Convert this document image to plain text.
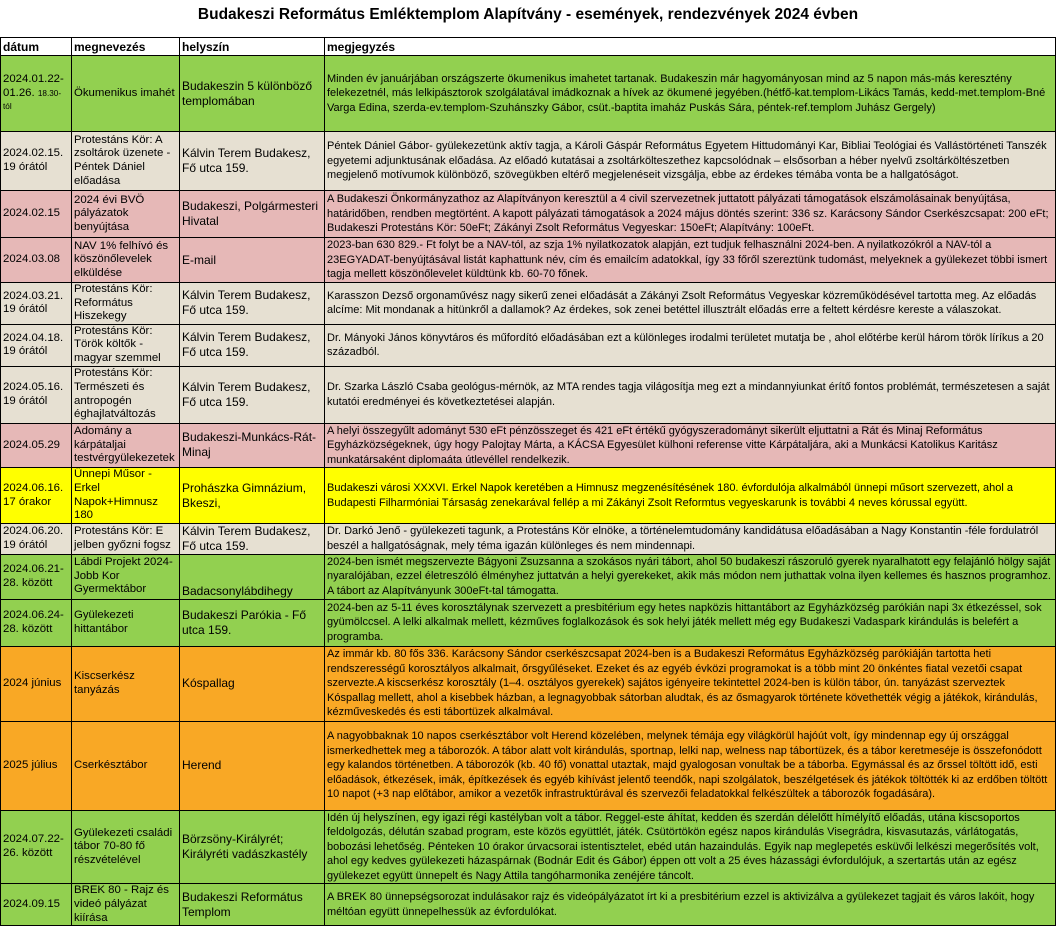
Budakeszi Református Emléktemplom Alapítvány - események, rendezvények 2024 évben
dátum	megnevezés	helyszín	megjegyzés
2024.01.22-01.26. 18.30-tól	Ökumenikus imahét	Budakeszin 5 különböző templomában	Minden év januárjában országszerte ökumenikus imahetet tartanak. Budakeszin már hagyományosan mind az 5 napon más-más keresztény felekezetnél, más lelkipásztorok szolgálatával imádkoznak a hívek az ökumené jegyében.(hétfő-kat.templom-Likács Tamás, kedd-met.templom-Bné Varga Edina, szerda-ev.templom-Szuhánszky Gábor, csüt.-baptita imaház Puskás Sára, péntek-ref.templom Juhász Gergely)
2024.02.15. 19 órától	Protestáns Kör: A zsoltárok üzenete - Péntek Dániel előadása	Kálvin Terem Budakesz, Fő utca 159.	Péntek Dániel Gábor- gyülekezetünk aktív tagja, a Károli Gáspár Református Egyetem Hittudományi Kar, Bibliai Teológiai és Vallástörténeti Tanszék egyetemi adjunktusának előadása. Az előadó kutatásai a zsoltárkölteszethez kapcsolódnak – elsősorban a héber nyelvű zsoltárköltészetben megjelenő motívumok különböző, szövegükben eltérő megjelenéseit vizsgálja, ebbe az érdekes témába vonta be a hallgatóságot.
2024.02.15	2024 évi BVÖ pályázatok benyújtása	Budakeszi, Polgármesteri Hivatal	A Budakeszi Önkormányzathoz az Alapítványon keresztül a 4 civil szervezetnek juttatott pályázati támogatások elszámolásainak benyújtása, határidőben, rendben megtörtént. A kapott pályázati támogatások a 2024 május döntés szerint: 336 sz. Karácsony Sándor Cserkészcsapat: 200 eFt; Budakeszi Protestáns Kör: 50eFt; Zákányi Zsolt Református Vegyeskar: 150eFt; Alapítvány: 100eFt.
2024.03.08	NAV 1% felhívó és köszönőlevelek elküldése	E-mail	2023-ban 630 829.- Ft folyt be a NAV-tól, az szja 1% nyilatkozatok alapján, ezt tudjuk felhasználni 2024-ben. A nyilatkozókról a NAV-tól a 23EGYADAT-benyújtásával listát kaphattunk név, cím és emailcím adatokkal, így 33 főről szereztünk tudomást, melyeknek a gyülekezet többi ismert tagja mellett köszönőlevelet küldtünk kb. 60-70 főnek.
2024.03.21. 19 órától	Protestáns Kör: Református Hiszekegy	Kálvin Terem Budakesz, Fő utca 159.	Karasszon Dezső orgonaművész nagy sikerű zenei előadását a Zákányi Zsolt Református Vegyeskar közreműködésével tartotta meg. Az előadás alcíme: Mit mondanak a hitünkről a dallamok? Az érdekes, sok zenei betéttel illusztrált előadás erre a feltett kérdésre kereste a válaszokat.
2024.04.18. 19 órától	Protestáns Kör: Török költők -magyar szemmel	Kálvin Terem Budakesz, Fő utca 159.	Dr. Mányoki János könyvtáros és műfordító előadásában ezt a különleges irodalmi területet mutatja be , ahol előtérbe kerül három török líríkus a 20 századból.
2024.05.16. 19 órától	Protestáns Kör: Természeti és antropogén éghajlatváltozás	Kálvin Terem Budakesz, Fő utca 159.	Dr. Szarka László Csaba geológus-mérnök, az MTA rendes tagja világosítja meg ezt a mindannyiunkat érítő fontos problémát, természetesen a saját kutatói eredményei és következtetései alapján.
2024.05.29	Adomány a kárpátaljai testvérgyülekezetek	Budakeszi-Munkács-Rát-Minaj	A helyi összegyűlt adományt 530 eFt pénzösszeget és 421 eFt értékű gyógyszeradományt sikerült eljuttatni a Rát és Minaj Református Egyházközségeknek, úgy hogy Palojtay Márta, a KÁCSA Egyesület külhoni referense vitte Kárpátaljára, aki a Munkácsi Katolikus Karitász munkatársaként diplomaáta útlevéllel rendelkezik.
2024.06.16. 17 órakor	Ünnepi Műsor -Erkel Napok+Himnusz 180	Prohászka Gimnázium, Bkeszi,	Budakeszi városi XXXVI. Erkel Napok keretében a Himnusz megzenésítésének 180. évfordulója alkalmából ünnepi műsort szervezett, ahol a Budapesti Filharmóniai Társaság zenekarával fellép a mi Zákányi Zsolt Reformtus vegyeskarunk is további 4 neves kórussal együtt.
2024.06.20. 19 órától	Protestáns Kör: E jelben győzni fogsz	Kálvin Terem Budakesz, Fő utca 159.	Dr. Darkó Jenő - gyülekezeti tagunk, a Protestáns Kör elnöke, a történelemtudomány kandidátusa előadásában a Nagy Konstantin -féle fordulatról beszél a hallgatóságnak, mely téma igazán különleges és nem mindennapi.
2024.06.21-28. között	Lábdi Projekt 2024-Jobb Kor Gyermektábor	Badacsonylábdihegy	2024-ben ismét megszervezte Bágyoni Zsuzsanna a szokásos nyári tábort, ahol 50 budakeszi rászoruló gyerek nyaralhatott egy felajánló hölgy saját nyaralójában, ezzel életreszóló élményhez juttatván a helyi gyerekeket, akik más módon nem juthattak volna ilyen kellemes és hasznos programhoz. A tábort az Alapítványunk 300eFt-tal támogatta.
2024.06.24-28. között	Gyülekezeti hittantábor	Budakeszi Parókia - Fő utca 159.	2024-ben az 5-11 éves korosztálynak szervezett a presbitérium egy hetes napközis hittantábort az Egyházközség parókián napi 3x étkezéssel, sok gyümölccsel. A lelki alkalmak mellett, kézműves foglalkozások és sok helyi játék mellett még egy Budakeszi Vadaspark kirándulás is belefért a programba.
2024 június	Kiscserkész tanyázás	Kóspallag	Az immár kb. 80 fős 336. Karácsony Sándor cserkészcsapat 2024-ben is a Budakeszi Református Egyházközség parókiáján tartotta heti rendszerességű korosztályos alkalmait, őrsgyűléseket. Ezeket és az egyéb évközi programokat is a több mint 20 önkéntes fiatal vezetői csapat szervezte.A kiscserkész korosztály (1–4. osztályos gyerekek) sajátos igényeire tekintettel 2024-ben is külön tábor, ún. tanyázást szerveztek Kóspallag mellett, ahol a kisebbek házban, a legnagyobbak sátorban aludtak, és az ősmagyarok története követhették végig a játékok, kirándulás, kézműveskedés és esti tábortüzek alkalmával.
2025 július	Cserkésztábor	Herend	A nagyobbaknak 10 napos cserkésztábor volt Herend közelében, melynek témája egy világkörül hajóút volt, így mindennap egy új országgal ismerkedhettek meg a táborozók. A tábor alatt volt kirándulás, sportnap, lelki nap, welness nap tábortüzek, és a tábor keretmeséje is összefonódott egy kalandos történetben. A táborozók (kb. 40 fő) vonattal utaztak, majd gyalogosan vonultak be a táborba. Egymással és az őrssel töltött idő, esti előadások, étkezések, imák, építkezések és egyéb kihívást jelentő teendők, napi szolgálatok, beszélgetések és játékok töltötték ki az erdőben töltött 10 napot (+3 nap előtábor, amikor a vezetők infrastruktúrával és szervezői feladatokkal felkészültek a táborozók fogadására).
2024.07.22-26. között	Gyülekezeti családi tábor 70-80 fő részvételével	Börzsöny-Királyrét; Királyréti vadászkastély	Idén új helyszínen, egy igazi régi kastélyban volt a tábor. Reggel-este áhítat, kedden és szerdán délelőtt hímélyítő előadás, utána kiscsoportos feldolgozás, délután szabad program, este közös együttlét, játék. Csütörtökön egész napos kirándulás Visegrádra, kisvasutazás, várlátogatás, bobozási lehetőség. Pénteken 10 órakor úrvacsorai istentisztelet, ebéd után hazaindulás. Egyik nap meglepetés esküvői lelkészi megerősítés volt, ahol egy kedves gyülekezeti házaspárnak (Bodnár Edit és Gábor) éppen ott volt a 25 éves házassági évfordulójuk, a szertartás után az egész gyülekezet együtt ünnepelt és Nagy Attila tangóharmonika zenéjére táncolt.
2024.09.15	BREK 80 - Rajz és videó pályázat kiírása	Budakeszi Református Templom	A BREK 80 ünnepségsorozat indulásakor rajz és videópályázatot írt ki a presbitérium ezzel is aktivizálva a gyülekezet tagjait és város lakóit, hogy méltóan együtt ünnepelhessük az évfordulókat.
